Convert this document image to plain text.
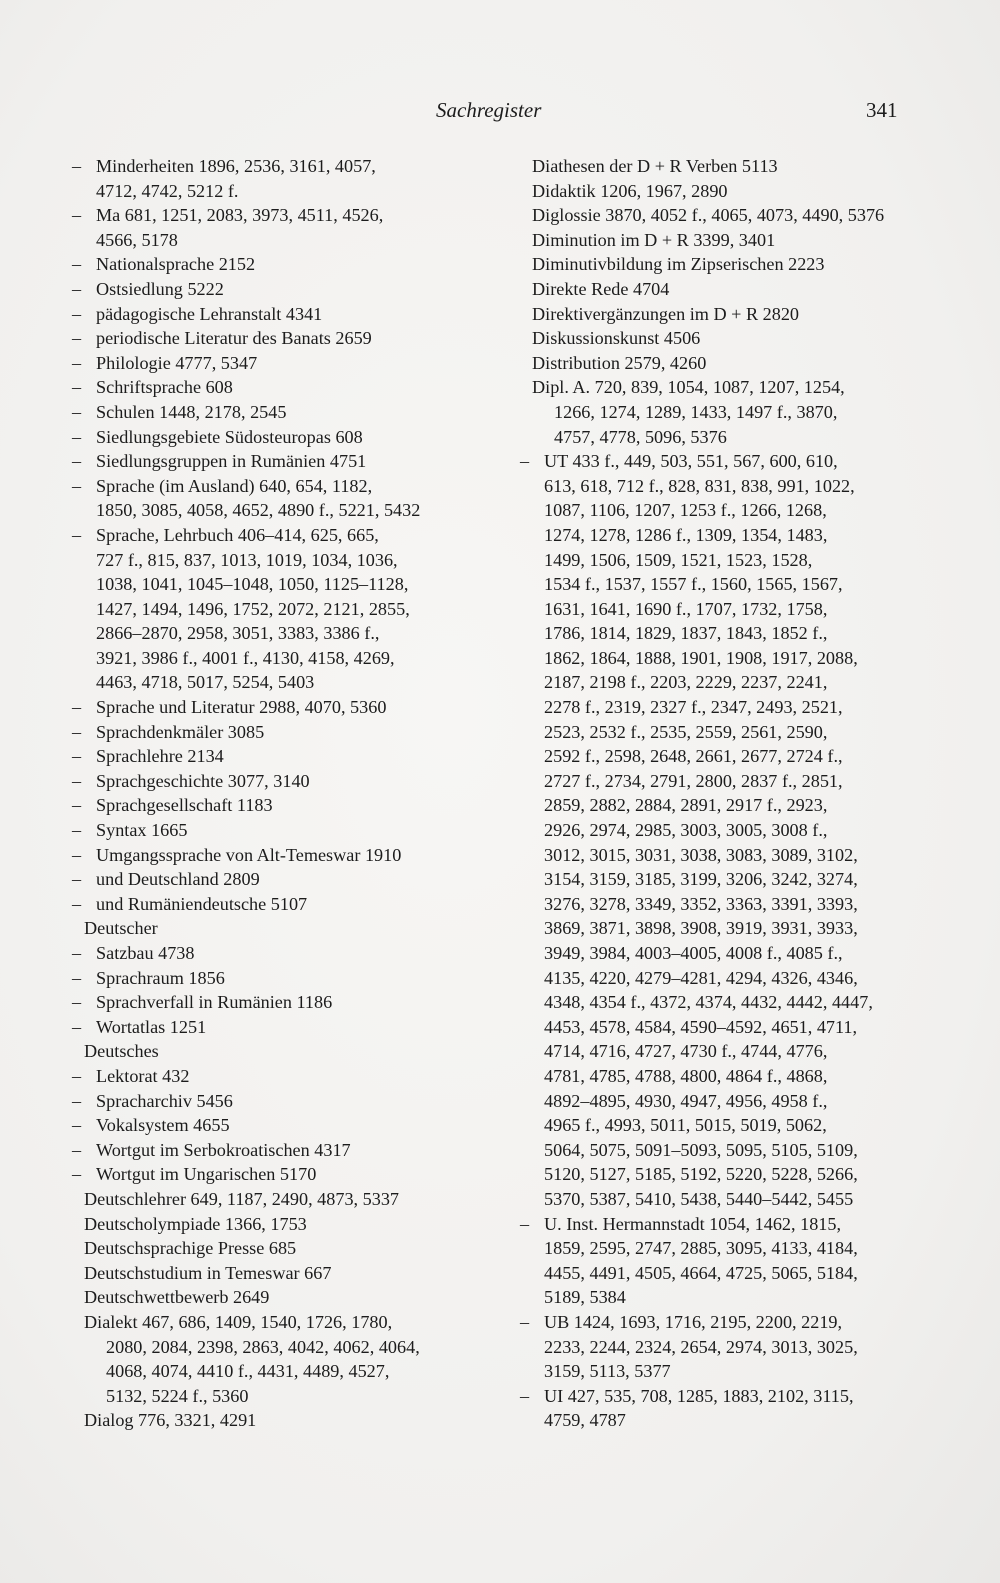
Sachregister	341
– Minderheiten 1896, 2536, 3161, 4057,
4712, 4742, 5212 f.
– Ma 681, 1251, 2083, 3973, 4511, 4526,
4566, 5178
– Nationalsprache 2152
– Ostsiedlung 5222
– pädagogische Lehranstalt 4341
– periodische Literatur des Banats 2659
– Philologie 4777, 5347
– Schriftsprache 608
– Schulen 1448, 2178, 2545
– Siedlungsgebiete Südosteuropas 608
– Siedlungsgruppen in Rumänien 4751
– Sprache (im Ausland) 640, 654, 1182,
1850, 3085, 4058, 4652, 4890 f., 5221, 5432
– Sprache, Lehrbuch 406–414, 625, 665,
727 f., 815, 837, 1013, 1019, 1034, 1036,
1038, 1041, 1045–1048, 1050, 1125–1128,
1427, 1494, 1496, 1752, 2072, 2121, 2855,
2866–2870, 2958, 3051, 3383, 3386 f.,
3921, 3986 f., 4001 f., 4130, 4158, 4269,
4463, 4718, 5017, 5254, 5403
– Sprache und Literatur 2988, 4070, 5360
– Sprachdenkmäler 3085
– Sprachlehre 2134
– Sprachgeschichte 3077, 3140
– Sprachgesellschaft 1183
– Syntax 1665
– Umgangssprache von Alt-Temeswar 1910
– und Deutschland 2809
– und Rumäniendeutsche 5107
Deutscher
– Satzbau 4738
– Sprachraum 1856
– Sprachverfall in Rumänien 1186
– Wortatlas 1251
Deutsches
– Lektorat 432
– Spracharchiv 5456
– Vokalsystem 4655
– Wortgut im Serbokroatischen 4317
– Wortgut im Ungarischen 5170
Deutschlehrer 649, 1187, 2490, 4873, 5337
Deutscholympiade 1366, 1753
Deutschsprachige Presse 685
Deutschstudium in Temeswar 667
Deutschwettbewerb 2649
Dialekt 467, 686, 1409, 1540, 1726, 1780,
2080, 2084, 2398, 2863, 4042, 4062, 4064,
4068, 4074, 4410 f., 4431, 4489, 4527,
5132, 5224 f., 5360
Dialog 776, 3321, 4291
Diathesen der D + R Verben 5113
Didaktik 1206, 1967, 2890
Diglossie 3870, 4052 f., 4065, 4073, 4490, 5376
Diminution im D + R 3399, 3401
Diminutivbildung im Zipserischen 2223
Direkte Rede 4704
Direktivergänzungen im D + R 2820
Diskussionskunst 4506
Distribution 2579, 4260
Dipl. A. 720, 839, 1054, 1087, 1207, 1254,
1266, 1274, 1289, 1433, 1497 f., 3870,
4757, 4778, 5096, 5376
– UT 433 f., 449, 503, 551, 567, 600, 610,
613, 618, 712 f., 828, 831, 838, 991, 1022,
1087, 1106, 1207, 1253 f., 1266, 1268,
1274, 1278, 1286 f., 1309, 1354, 1483,
1499, 1506, 1509, 1521, 1523, 1528,
1534 f., 1537, 1557 f., 1560, 1565, 1567,
1631, 1641, 1690 f., 1707, 1732, 1758,
1786, 1814, 1829, 1837, 1843, 1852 f.,
1862, 1864, 1888, 1901, 1908, 1917, 2088,
2187, 2198 f., 2203, 2229, 2237, 2241,
2278 f., 2319, 2327 f., 2347, 2493, 2521,
2523, 2532 f., 2535, 2559, 2561, 2590,
2592 f., 2598, 2648, 2661, 2677, 2724 f.,
2727 f., 2734, 2791, 2800, 2837 f., 2851,
2859, 2882, 2884, 2891, 2917 f., 2923,
2926, 2974, 2985, 3003, 3005, 3008 f.,
3012, 3015, 3031, 3038, 3083, 3089, 3102,
3154, 3159, 3185, 3199, 3206, 3242, 3274,
3276, 3278, 3349, 3352, 3363, 3391, 3393,
3869, 3871, 3898, 3908, 3919, 3931, 3933,
3949, 3984, 4003–4005, 4008 f., 4085 f.,
4135, 4220, 4279–4281, 4294, 4326, 4346,
4348, 4354 f., 4372, 4374, 4432, 4442, 4447,
4453, 4578, 4584, 4590–4592, 4651, 4711,
4714, 4716, 4727, 4730 f., 4744, 4776,
4781, 4785, 4788, 4800, 4864 f., 4868,
4892–4895, 4930, 4947, 4956, 4958 f.,
4965 f., 4993, 5011, 5015, 5019, 5062,
5064, 5075, 5091–5093, 5095, 5105, 5109,
5120, 5127, 5185, 5192, 5220, 5228, 5266,
5370, 5387, 5410, 5438, 5440–5442, 5455
– U. Inst. Hermannstadt 1054, 1462, 1815,
1859, 2595, 2747, 2885, 3095, 4133, 4184,
4455, 4491, 4505, 4664, 4725, 5065, 5184,
5189, 5384
– UB 1424, 1693, 1716, 2195, 2200, 2219,
2233, 2244, 2324, 2654, 2974, 3013, 3025,
3159, 5113, 5377
– UI 427, 535, 708, 1285, 1883, 2102, 3115,
4759, 4787
